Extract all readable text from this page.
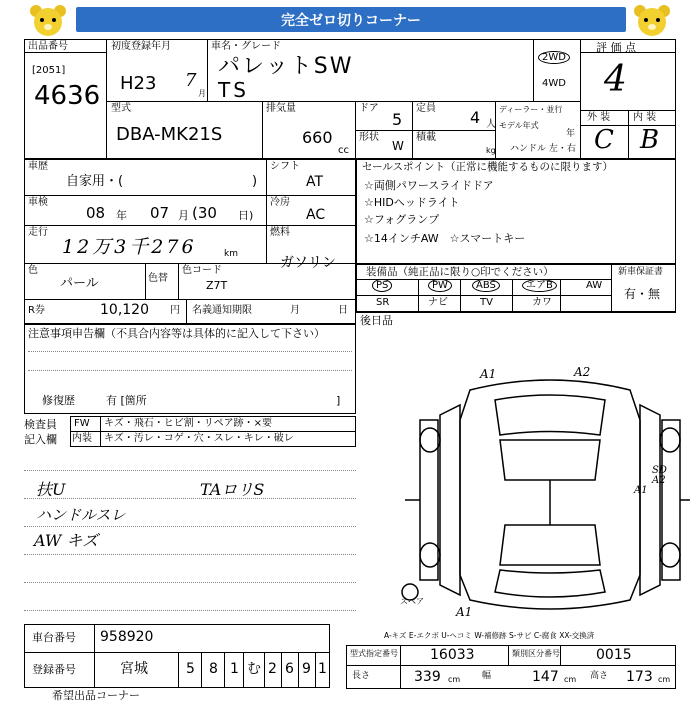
完全ゼロ切りコーナー
出品番号
[2051]
4636
初度登録年月
H23 7
月
車名・グレード
パレットSW
TS
2WD
4WD
評 価 点
4
外 装 内 装
C B
型式
DBA-MK21S
排気量
660
cc
ドア
5
定員 4 人
形状
W
積載
kg
ディーラー・並行
モデル年式
年
ハンドル 左・右
車歴
自家用・(	)
シフト
AT
車検
08 年 07 月 (30 日)
冷房
AC
走行
12万3千276	km
燃料
ガソリン
色
パール	色替
色コード
Z7T
R券	10,120 円 名義通知期限	月	日
セールスポイント（正常に機能するものに限ります）
☆両側パワースライドドア
☆HIDヘッドライト
☆フォグランプ
☆14インチAW　☆スマートキー
装備品（純正品に限り○印でください）
PS	PW	ABS	エアB	AW
SR	ナビ	TV	カワ
新車保証書
有・無
後日品
注意事項申告欄（不具合内容等は具体的に記入して下さい）
修復歴	有 [箇所	]
検査員
記入欄
FW キズ・飛石・ヒビ割・リペア跡・×要
内装 キズ・汚レ・コゲ・穴・スレ・キレ・破レ
扶U
ハンドルスレ
AW キズ
TAロリS
A1	A2
SD A2
A1
スペア
A1
A-キズ E-エクボ U-ヘコミ W-補修跡 S-サビ C-腐食 XX-交換済
車台番号 958920
登録番号	宮城	5 8 1 む 2 6 9 1
型式指定番号 16033	類別区分番号	0015
長さ	339 cm 幅	147 cm 高さ 173 cm
希望出品コーナー
